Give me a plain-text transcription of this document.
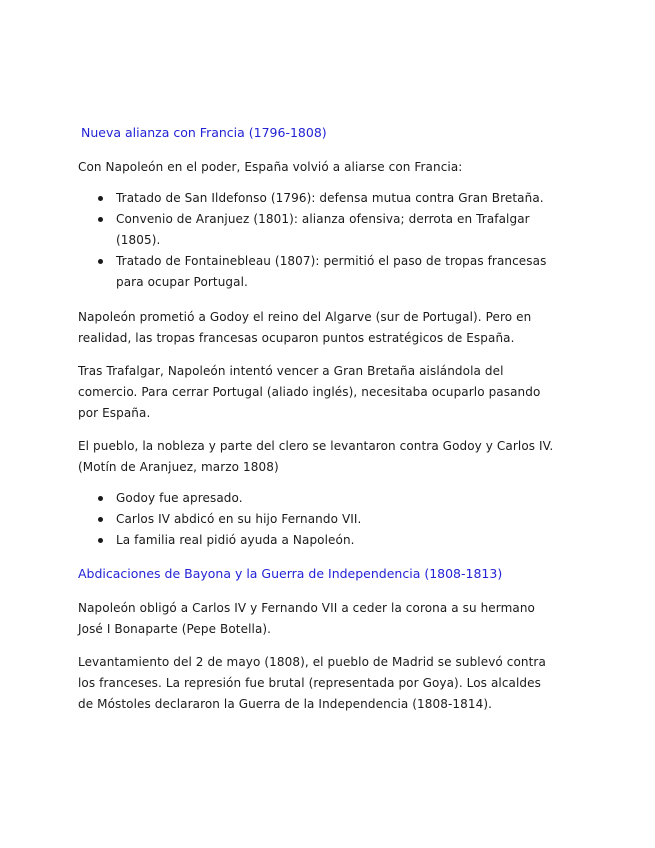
Nueva alianza con Francia (1796-1808)

Con Napoleón en el poder, España volvió a aliarse con Francia:

Tratado de San Ildefonso (1796): defensa mutua contra Gran Bretaña.
Convenio de Aranjuez (1801): alianza ofensiva; derrota en Trafalgar (1805).
Tratado de Fontainebleau (1807): permitió el paso de tropas francesas para ocupar Portugal.

Napoleón prometió a Godoy el reino del Algarve (sur de Portugal). Pero en realidad, las tropas francesas ocuparon puntos estratégicos de España.

Tras Trafalgar, Napoleón intentó vencer a Gran Bretaña aislándola del comercio. Para cerrar Portugal (aliado inglés), necesitaba ocuparlo pasando por España.

El pueblo, la nobleza y parte del clero se levantaron contra Godoy y Carlos IV. (Motín de Aranjuez, marzo 1808)

Godoy fue apresado.
Carlos IV abdicó en su hijo Fernando VII.
La familia real pidió ayuda a Napoleón.
Abdicaciones de Bayona y la Guerra de Independencia (1808-1813)

Napoleón obligó a Carlos IV y Fernando VII a ceder la corona a su hermano José I Bonaparte (Pepe Botella).

Levantamiento del 2 de mayo (1808), el pueblo de Madrid se sublevó contra los franceses. La represión fue brutal (representada por Goya). Los alcaldes de Móstoles declararon la Guerra de la Independencia (1808-1814).
